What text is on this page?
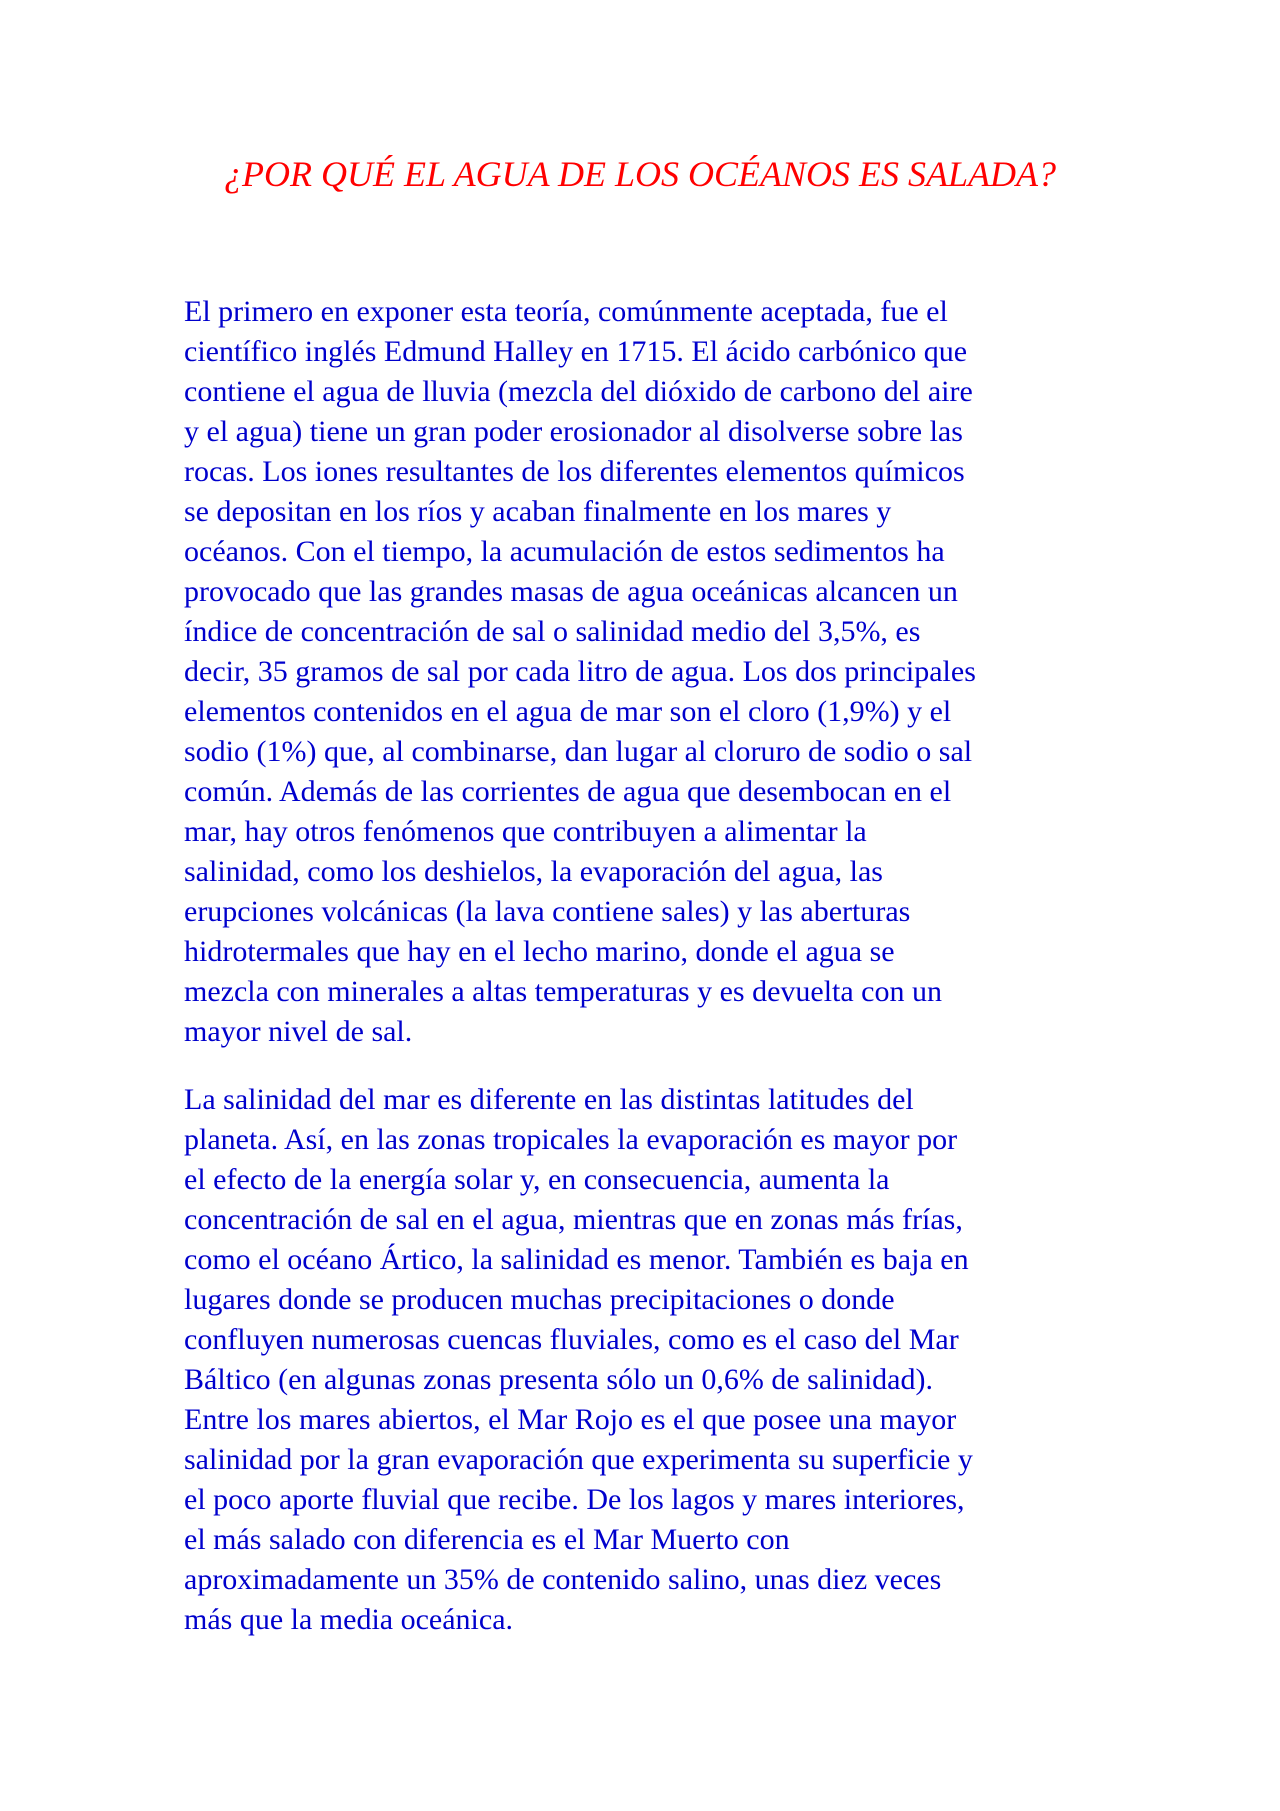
¿POR QUÉ EL AGUA DE LOS OCÉANOS ES SALADA?
El primero en exponer esta teoría, comúnmente aceptada, fue el
científico inglés Edmund Halley en 1715. El ácido carbónico que
contiene el agua de lluvia (mezcla del dióxido de carbono del aire
y el agua) tiene un gran poder erosionador al disolverse sobre las
rocas. Los iones resultantes de los diferentes elementos químicos
se depositan en los ríos y acaban finalmente en los mares y
océanos. Con el tiempo, la acumulación de estos sedimentos ha
provocado que las grandes masas de agua oceánicas alcancen un
índice de concentración de sal o salinidad medio del 3,5%, es
decir, 35 gramos de sal por cada litro de agua. Los dos principales
elementos contenidos en el agua de mar son el cloro (1,9%) y el
sodio (1%) que, al combinarse, dan lugar al cloruro de sodio o sal
común. Además de las corrientes de agua que desembocan en el
mar, hay otros fenómenos que contribuyen a alimentar la
salinidad, como los deshielos, la evaporación del agua, las
erupciones volcánicas (la lava contiene sales) y las aberturas
hidrotermales que hay en el lecho marino, donde el agua se
mezcla con minerales a altas temperaturas y es devuelta con un
mayor nivel de sal.
La salinidad del mar es diferente en las distintas latitudes del
planeta. Así, en las zonas tropicales la evaporación es mayor por
el efecto de la energía solar y, en consecuencia, aumenta la
concentración de sal en el agua, mientras que en zonas más frías,
como el océano Ártico, la salinidad es menor. También es baja en
lugares donde se producen muchas precipitaciones o donde
confluyen numerosas cuencas fluviales, como es el caso del Mar
Báltico (en algunas zonas presenta sólo un 0,6% de salinidad).
Entre los mares abiertos, el Mar Rojo es el que posee una mayor
salinidad por la gran evaporación que experimenta su superficie y
el poco aporte fluvial que recibe. De los lagos y mares interiores,
el más salado con diferencia es el Mar Muerto con
aproximadamente un 35% de contenido salino, unas diez veces
más que la media oceánica.
